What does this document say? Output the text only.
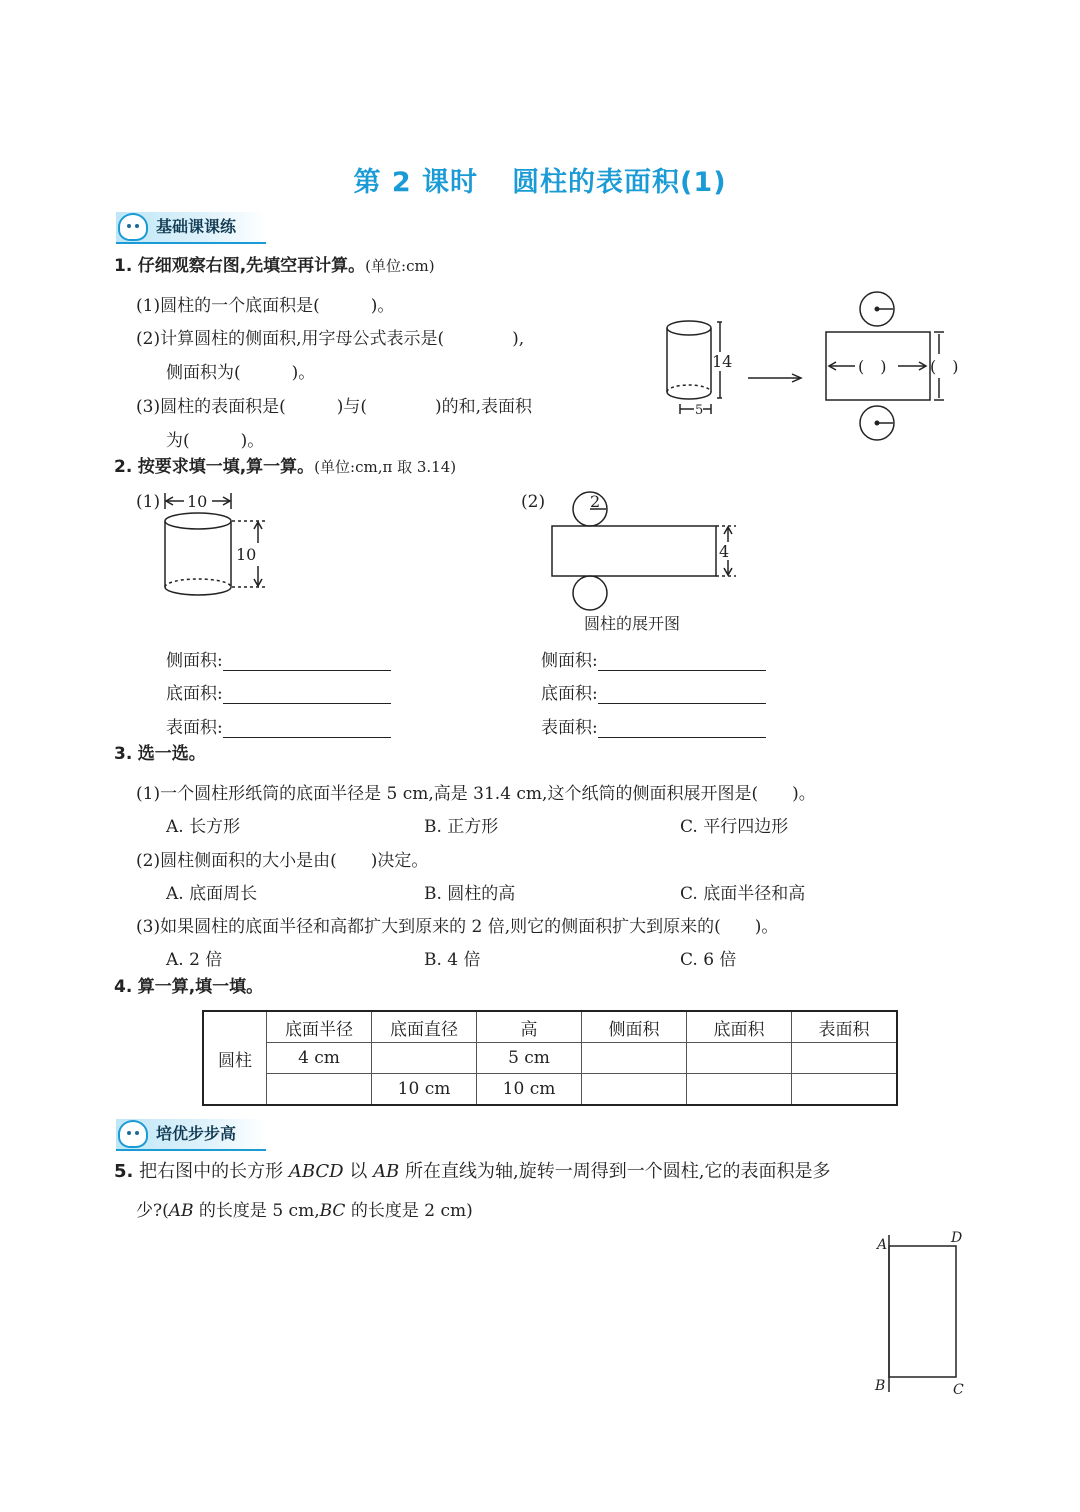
第 2 课时 圆柱的表面积(1)
基础课课练
1. 仔细观察右图,先填空再计算。(单位:cm)
(1)圆柱的一个底面积是(　　　)。
(2)计算圆柱的侧面积,用字母公式表示是(　　　　),
侧面积为(　　　)。
(3)圆柱的表面积是(　　　)与(　　　　)的和,表面积
为(　　　)。
14
5
(　)	(　)
2. 按要求填一填,算一算。(单位:cm,π 取 3.14)
(1)	(2)
10
10
2
4
圆柱的展开图
侧面积:
底面积:
表面积:
侧面积:
底面积:
表面积:
3. 选一选。
(1)一个圆柱形纸筒的底面半径是 5 cm,高是 31.4 cm,这个纸筒的侧面积展开图是(　　)。
A. 长方形	B. 正方形	C. 平行四边形
(2)圆柱侧面积的大小是由(　　)决定。
A. 底面周长	B. 圆柱的高	C. 底面半径和高
(3)如果圆柱的底面半径和高都扩大到原来的 2 倍,则它的侧面积扩大到原来的(　　)。
A. 2 倍	B. 4 倍	C. 6 倍
4. 算一算,填一填。
圆柱	底面半径	底面直径	高	侧面积	底面积	表面积
	4 cm		5 cm			
		10 cm	10 cm			
培优步步高
5. 把右图中的长方形 ABCD 以 AB 所在直线为轴,旋转一周得到一个圆柱,它的表面积是多
少?(AB 的长度是 5 cm,BC 的长度是 2 cm)
A	D
B	C
